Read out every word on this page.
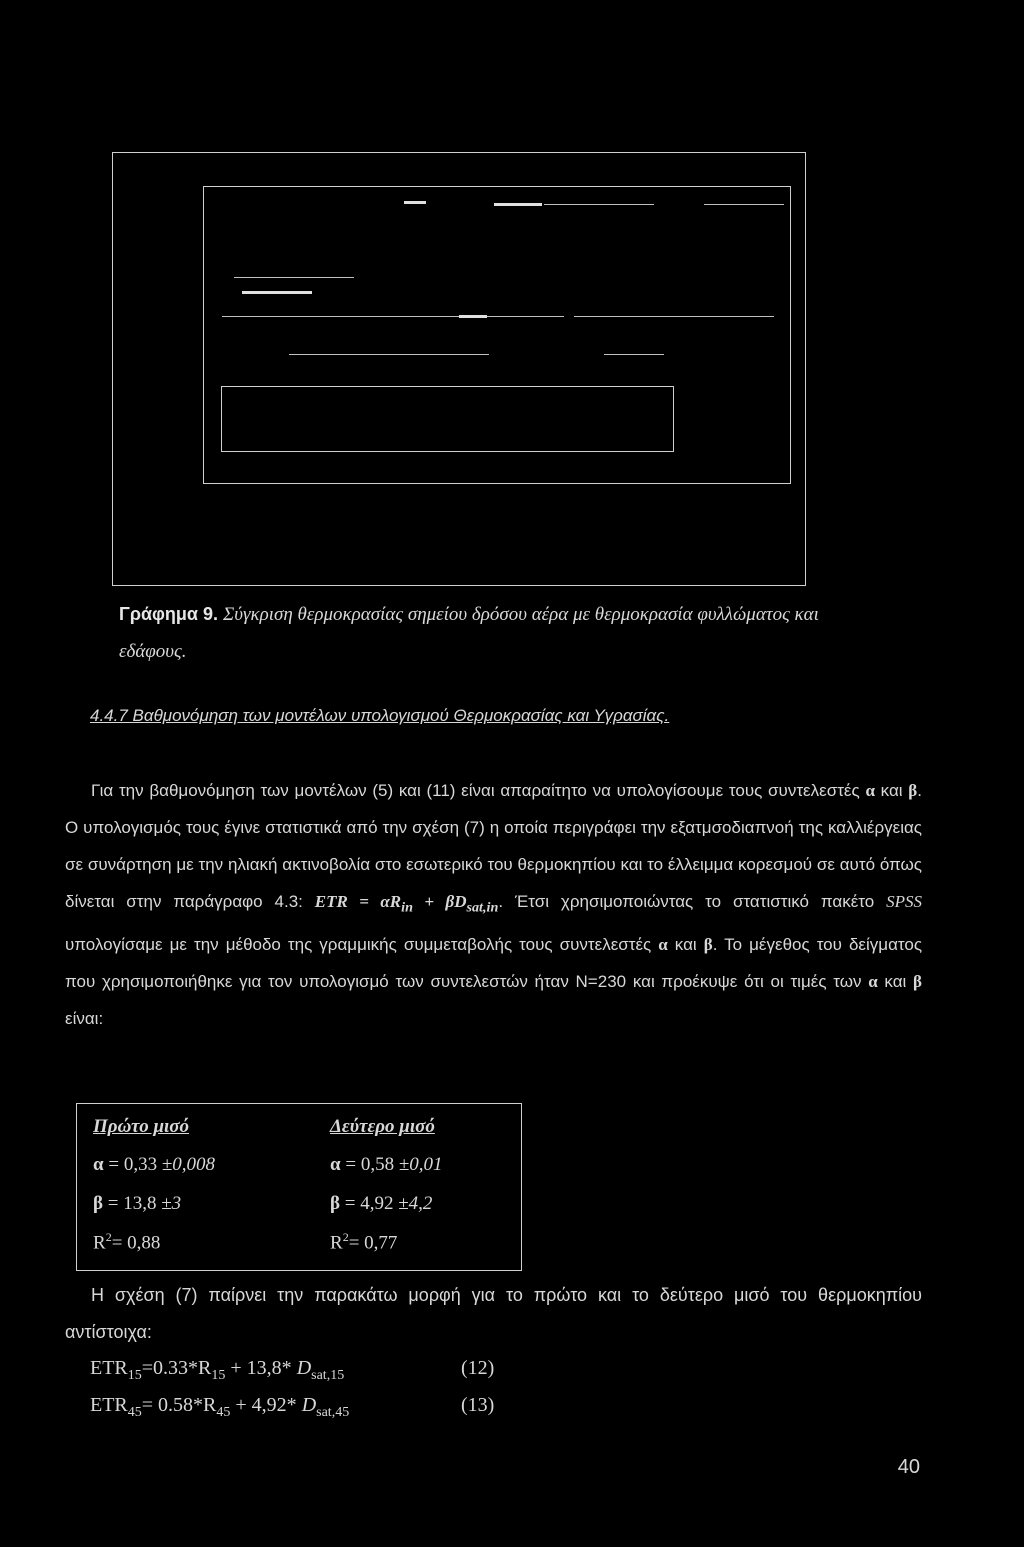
Γράφημα 9. Σύγκριση θερμοκρασίας σημείου δρόσου αέρα με θερμοκρασία φυλλώματος και εδάφους.
4.4.7 Βαθμονόμηση των μοντέλων υπολογισμού Θερμοκρασίας και Υγρασίας.

Για την βαθμονόμηση των μοντέλων (5) και (11) είναι απαραίτητο να υπολογίσουμε τους συντελεστές α και β. Ο υπολογισμός τους έγινε στατιστικά από την σχέση (7) η οποία περιγράφει την εξατμσοδιαπνοή της καλλιέργειας σε συνάρτηση με την ηλιακή ακτινοβολία στο εσωτερικό του θερμοκηπίου και το έλλειμμα κορεσμού σε αυτό όπως δίνεται στην παράγραφο 4.3: ETR = $\alpha R_{in} + \beta D_{sat,in}$. Έτσι χρησιμοποιώντας το στατιστικό πακέτο SPSS υπολογίσαμε με την μέθοδο της γραμμικής συμμεταβολής τους συντελεστές α και β. Το μέγεθος του δείγματος που χρησιμοποιήθηκε για τον υπολογισμό των συντελεστών ήταν N=230 και προέκυψε ότι οι τιμές των α και β είναι:

Πρώτο μισό	Δεύτερο μισό
α = 0,33 ±0,008	α = 0,58 ±0,01
β = 13,8 ±3	β = 4,92 ±4,2
$R^2= 0,88$	$R^2= 0,77$

Η σχέση (7) παίρνει την παρακάτω μορφή για το πρώτο και το δεύτερο μισό του θερμοκηπίου αντίστοιχα:

$ETR_{15}=0.33*R_{15} + 13,8*$ $D_{sat,15}$	(12)
$ETR_{45}= 0.58*R_{45} + 4,92*$ $D_{sat,45}$	(13)
40
